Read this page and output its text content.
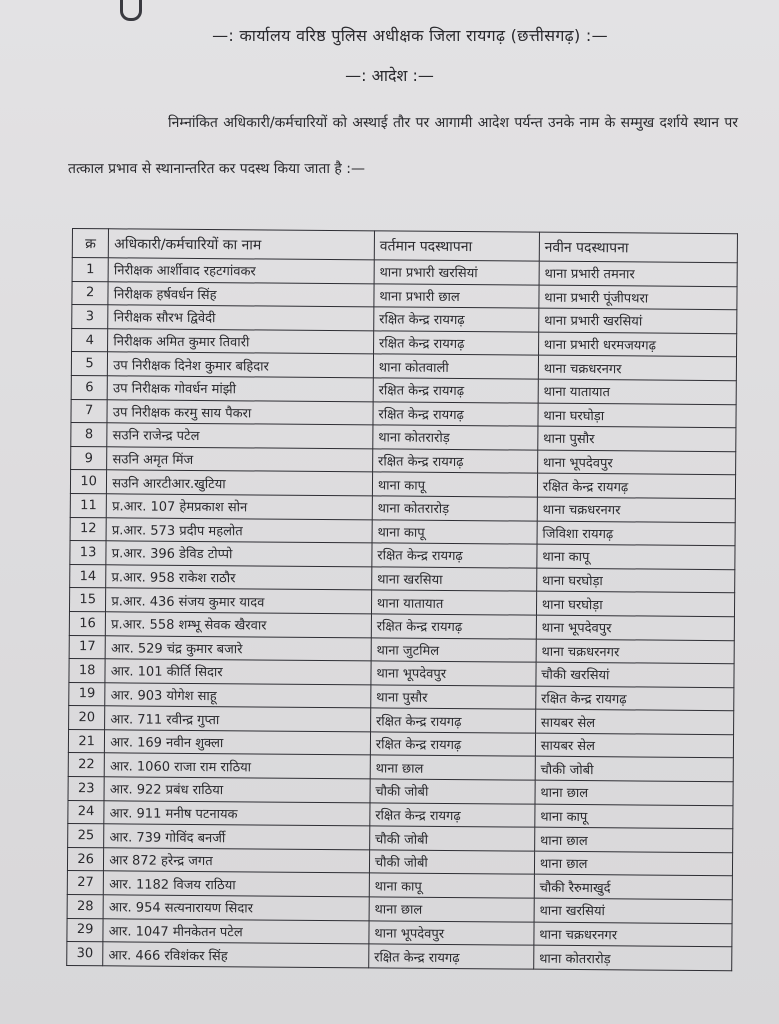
—: कार्यालय वरिष्ठ पुलिस अधीक्षक जिला रायगढ़ (छत्तीसगढ़) :—
—: आदेश :—
निम्नांकित अधिकारी/कर्मचारियों को अस्थाई तौर पर आगामी आदेश पर्यन्त उनके नाम के सम्मुख दर्शाये स्थान पर तत्काल प्रभाव से स्थानान्तरित कर पदस्थ किया जाता है :—
क्र	अधिकारी/कर्मचारियों का नाम	वर्तमान पदस्थापना	नवीन पदस्थापना
1	निरीक्षक आर्शीवाद रहटगांवकर	थाना प्रभारी खरसियां	थाना प्रभारी तमनार
2	निरीक्षक हर्षवर्धन सिंह	थाना प्रभारी छाल	थाना प्रभारी पूंजीपथरा
3	निरीक्षक सौरभ द्विवेदी	रक्षित केन्द्र रायगढ़	थाना प्रभारी खरसियां
4	निरीक्षक अमित कुमार तिवारी	रक्षित केन्द्र रायगढ़	थाना प्रभारी धरमजयगढ़
5	उप निरीक्षक दिनेश कुमार बहिदार	थाना कोतवाली	थाना चक्रधरनगर
6	उप निरीक्षक गोवर्धन मांझी	रक्षित केन्द्र रायगढ़	थाना यातायात
7	उप निरीक्षक करमु साय पैकरा	रक्षित केन्द्र रायगढ़	थाना घरघोड़ा
8	सउनि राजेन्द्र पटेल	थाना कोतरारोड़	थाना पुसौर
9	सउनि अमृत मिंज	रक्षित केन्द्र रायगढ़	थाना भूपदेवपुर
10	सउनि आरटीआर.खुटिया	थाना कापू	रक्षित केन्द्र रायगढ़
11	प्र.आर. 107 हेमप्रकाश सोन	थाना कोतरारोड़	थाना चक्रधरनगर
12	प्र.आर. 573 प्रदीप महलोत	थाना कापू	जिविशा रायगढ़
13	प्र.आर. 396 डेविड टोप्पो	रक्षित केन्द्र रायगढ़	थाना कापू
14	प्र.आर. 958 राकेश राठौर	थाना खरसिया	थाना घरघोड़ा
15	प्र.आर. 436 संजय कुमार यादव	थाना यातायात	थाना घरघोड़ा
16	प्र.आर. 558 शम्भू सेवक खैरवार	रक्षित केन्द्र रायगढ़	थाना भूपदेवपुर
17	आर. 529 चंद्र कुमार बजारे	थाना जुटमिल	थाना चक्रधरनगर
18	आर. 101 कीर्ति सिदार	थाना भूपदेवपुर	चौकी खरसियां
19	आर. 903 योगेश साहू	थाना पुसौर	रक्षित केन्द्र रायगढ़
20	आर. 711 रवीन्द्र गुप्ता	रक्षित केन्द्र रायगढ़	सायबर सेल
21	आर. 169 नवीन शुक्ला	रक्षित केन्द्र रायगढ़	सायबर सेल
22	आर. 1060 राजा राम राठिया	थाना छाल	चौकी जोबी
23	आर. 922 प्रबंध राठिया	चौकी जोबी	थाना छाल
24	आर. 911 मनीष पटनायक	रक्षित केन्द्र रायगढ़	थाना कापू
25	आर. 739 गोविंद बनर्जी	चौकी जोबी	थाना छाल
26	आर 872 हरेन्द्र जगत	चौकी जोबी	थाना छाल
27	आर. 1182 विजय राठिया	थाना कापू	चौकी रैरुमाखुर्द
28	आर. 954 सत्यनारायण सिदार	थाना छाल	थाना खरसियां
29	आर. 1047 मीनकेतन पटेल	थाना भूपदेवपुर	थाना चक्रधरनगर
30	आर. 466 रविशंकर सिंह	रक्षित केन्द्र रायगढ़	थाना कोतरारोड़
